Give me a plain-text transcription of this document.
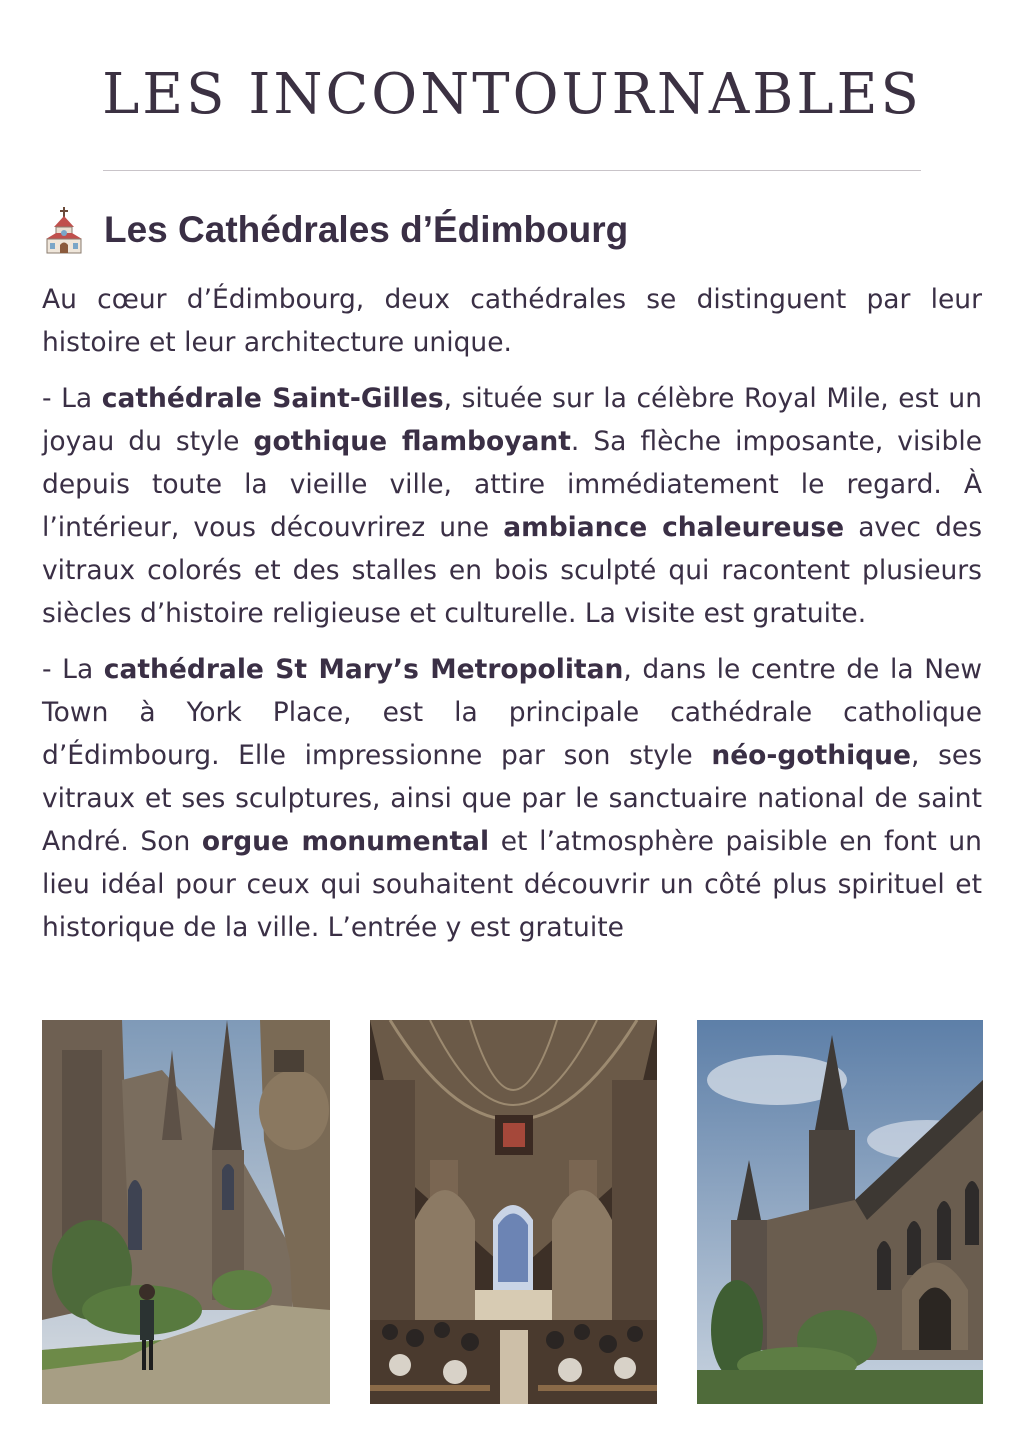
LES INCONTOURNABLES
Les Cathédrales d’Édimbourg

Au cœur d’Édimbourg, deux cathédrales se distinguent par leur histoire et leur architecture unique.

- La cathédrale Saint-Gilles, située sur la célèbre Royal Mile, est un joyau du style gothique flamboyant. Sa flèche imposante, visible depuis toute la vieille ville, attire immédiatement le regard. À l’intérieur, vous découvrirez une ambiance chaleureuse avec des vitraux colorés et des stalles en bois sculpté qui racontent plusieurs siècles d’histoire religieuse et culturelle. La visite est gratuite.

- La cathédrale St Mary’s Metropolitan, dans le centre de la New Town à York Place, est la principale cathédrale catholique d’Édimbourg. Elle impressionne par son style néo-gothique, ses vitraux et ses sculptures, ainsi que par le sanctuaire national de saint André. Son orgue monumental et l’atmosphère paisible en font un lieu idéal pour ceux qui souhaitent découvrir un côté plus spirituel et historique de la ville. L’entrée y est gratuite
